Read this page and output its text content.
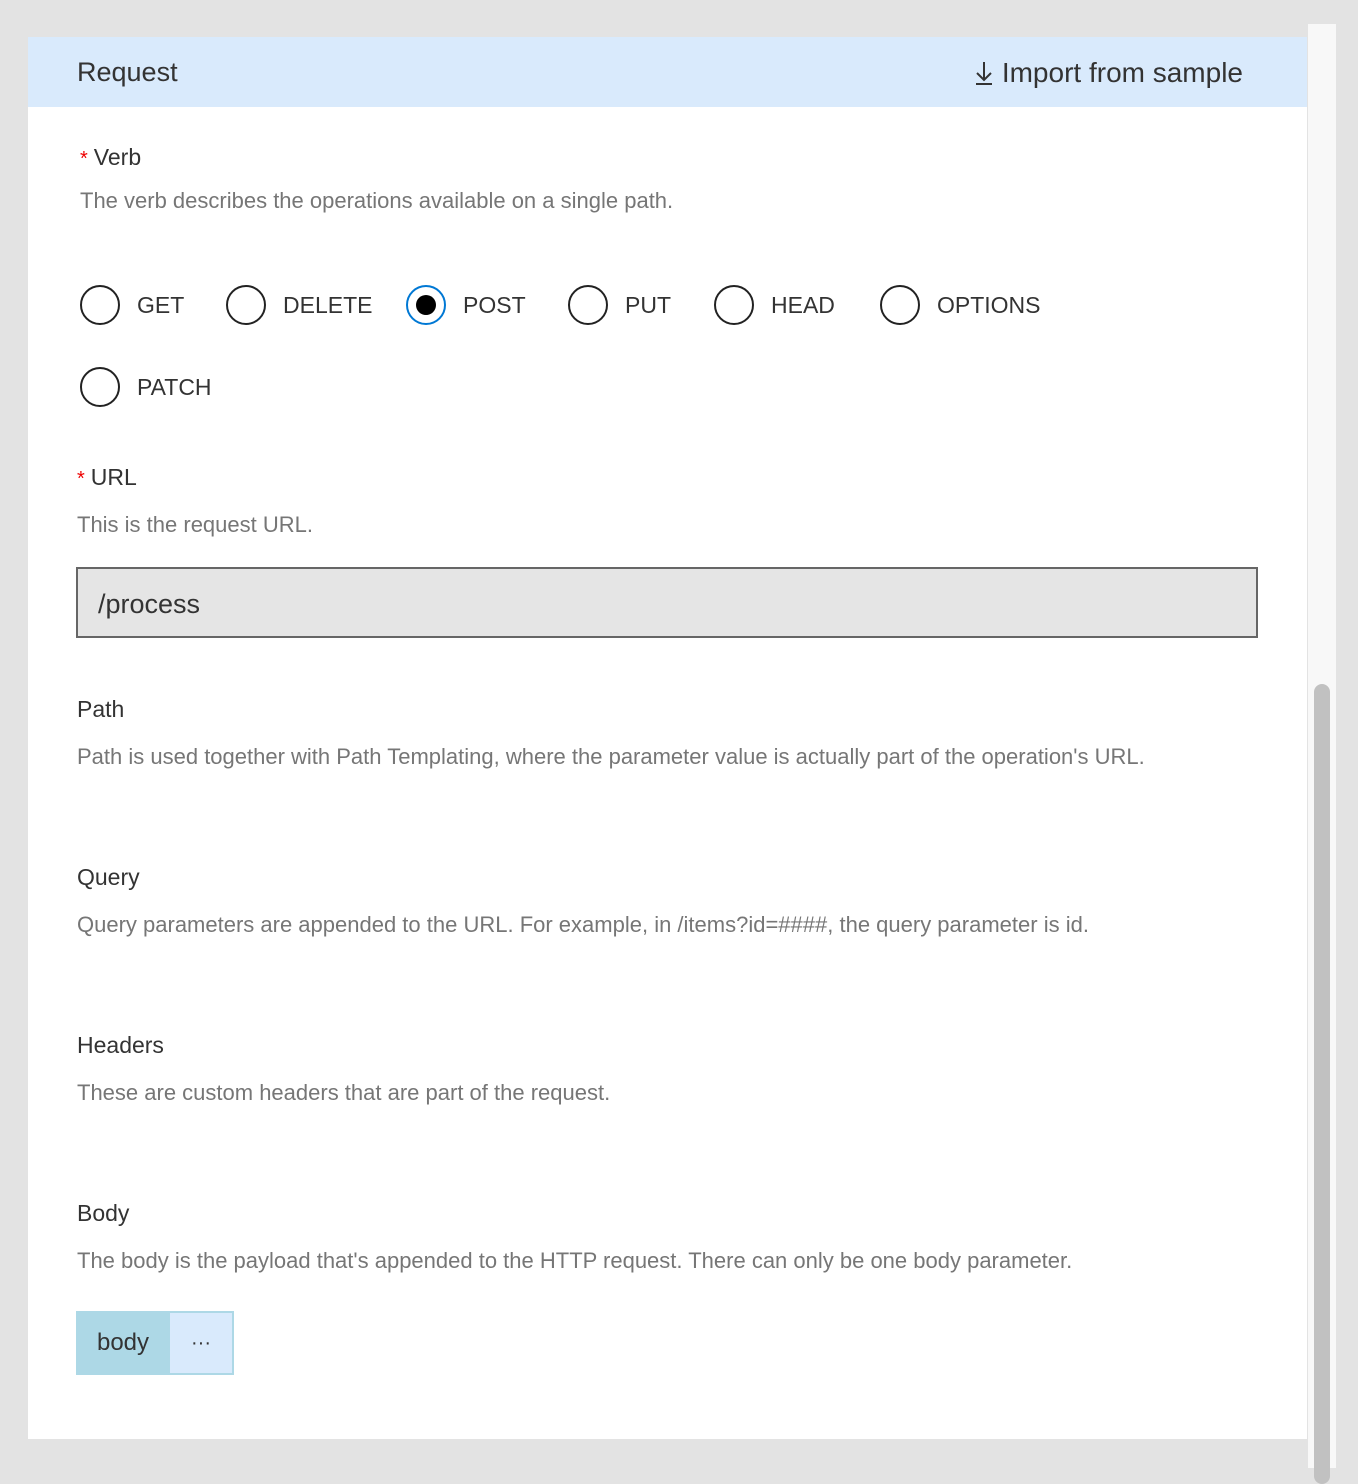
Request	Import from sample
* Verb
The verb describes the operations available on a single path.
GET	DELETE	POST	PUT	HEAD	OPTIONS
PATCH
* URL
This is the request URL.
/process
Path
Path is used together with Path Templating, where the parameter value is actually part of the operation's URL.
Query
Query parameters are appended to the URL. For example, in /items?id=####, the query parameter is id.
Headers
These are custom headers that are part of the request.
Body
The body is the payload that's appended to the HTTP request. There can only be one body parameter.
body	···
